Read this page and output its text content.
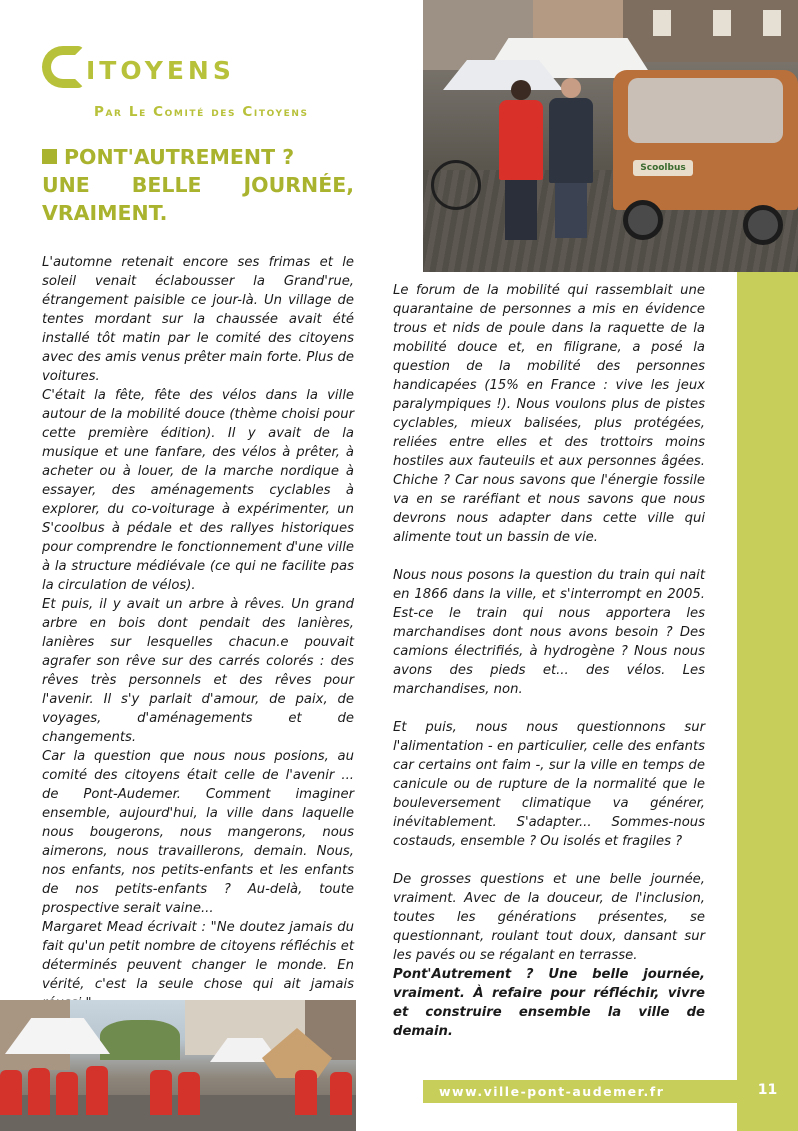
ITOYENS
Par Le Comité des Citoyens
PONT'AUTREMENT ?
UNE BELLE JOURNÉE,
VRAIMENT.

L'automne retenait encore ses frimas et le soleil venait éclabousser la Grand'rue, étrangement paisible ce jour-là. Un village de tentes mordant sur la chaussée avait été installé tôt matin par le comité des citoyens avec des amis venus prêter main forte. Plus de voitures.

C'était la fête, fête des vélos dans la ville autour de la mobilité douce (thème choisi pour cette première édition). Il y avait de la musique et une fanfare, des vélos à prêter, à acheter ou à louer, de la marche nordique à essayer, des aménagements cyclables à explorer, du co-voiturage à expérimenter, un S'coolbus à pédale et des rallyes historiques pour comprendre le fonctionnement d'une ville à la structure médiévale (ce qui ne facilite pas la circulation de vélos).

Et puis, il y avait un arbre à rêves. Un grand arbre en bois dont pendait des lanières, lanières sur lesquelles chacun.e pouvait agrafer son rêve sur des carrés colorés : des rêves très personnels et des rêves pour l'avenir. Il s'y parlait d'amour, de paix, de voyages, d'aménagements et de changements.

Car la question que nous nous posions, au comité des citoyens était celle de l'avenir ... de Pont-Audemer. Comment imaginer ensemble, aujourd'hui, la ville dans laquelle nous bougerons, nous mangerons, nous aimerons, nous travaillerons, demain. Nous, nos enfants, nos petits-enfants et les enfants de nos petits-enfants ? Au-delà, toute prospective serait vaine...

Margaret Mead écrivait : "Ne doutez jamais du fait qu'un petit nombre de citoyens réfléchis et déterminés peuvent changer le monde. En vérité, c'est la seule chose qui ait jamais

Scoolbus

Le forum de la mobilité qui rassemblait une quarantaine de personnes a mis en évidence trous et nids de poule dans la raquette de la mobilité douce et, en filigrane, a posé la question de la mobilité des personnes handicapées (15% en France : vive les jeux paralympiques !). Nous voulons plus de pistes cyclables, mieux balisées, plus protégées, reliées entre elles et des trottoirs moins hostiles aux fauteuils et aux personnes âgées. Chiche ? Car nous savons que l'énergie fossile va en se raréfiant et nous savons que nous devrons nous adapter dans cette ville qui alimente tout un bassin de vie.

Nous nous posons la question du train qui nait en 1866 dans la ville, et s'interrompt en 2005. Est-ce le train qui nous apportera les marchandises dont nous avons besoin ? Des camions électrifiés, à hydrogène ? Nous nous avons des pieds et... des vélos. Les marchandises, non.

Et puis, nous nous questionnons sur l'alimentation - en particulier, celle des enfants car certains ont faim -, sur la ville en temps de canicule ou de rupture de la normalité que le bouleversement climatique va générer, inévitablement. S'adapter... Sommes-nous costauds, ensemble ? Ou isolés et fragiles ?

De grosses questions et une belle journée, vraiment. Avec de la douceur, de l'inclusion, toutes les générations présentes, se questionnant, roulant tout doux, dansant sur les pavés ou se régalant en terrasse.

Pont'Autrement ? Une belle journée, vraiment. À refaire pour réfléchir, vivre et construire ensemble la ville de demain.

www.ville-pont-audemer.fr	11
